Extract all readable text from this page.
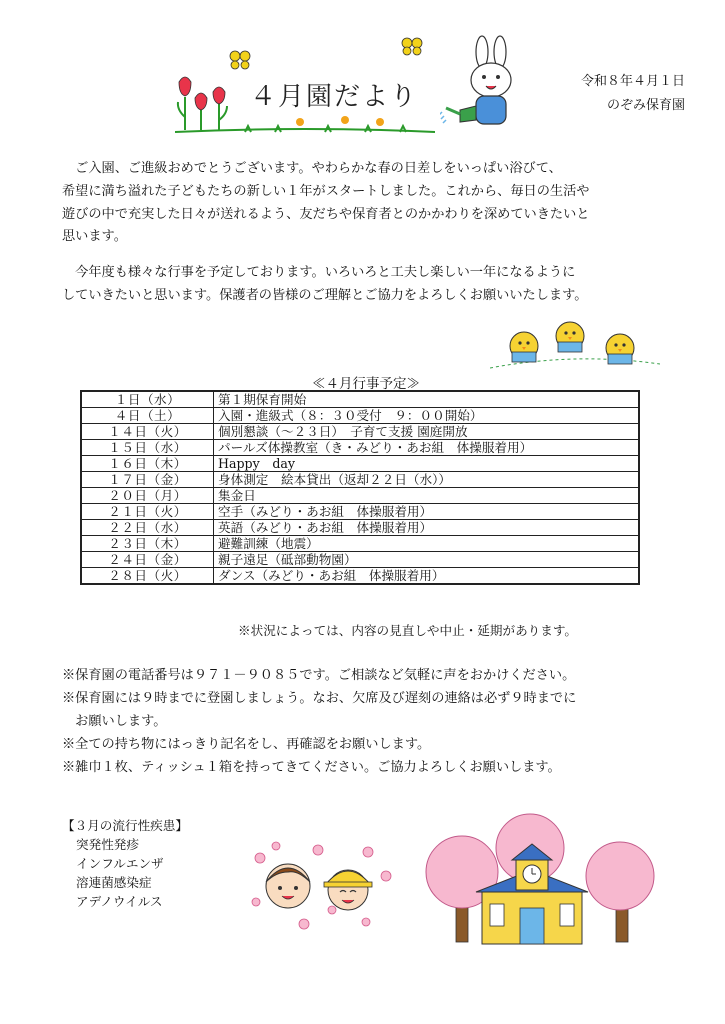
４月園だより
令和８年４月１日
のぞみ保育園

　ご入園、ご進級おめでとうございます。やわらかな春の日差しをいっぱい浴びて、

希望に満ち溢れた子どもたちの新しい１年がスタートしました。これから、毎日の生活や

遊びの中で充実した日々が送れるよう、友だちや保育者とのかかわりを深めていきたいと

思います。

　今年度も様々な行事を予定しております。いろいろと工夫し楽しい一年になるように

していきたいと思います。保護者の皆様のご理解とご協力をよろしくお願いいたします。

≪４月行事予定≫
１日（水）	第１期保育開始
４日（土）	入園・進級式（８：３０受付　９：００開始）
１４日（火）	個別懇談（～２３日）　子育て支援 園庭開放
１５日（水）	パールズ体操教室（き・みどり・あお組　体操服着用）
１６日（木）	Happy　day
１７日（金）	身体測定　絵本貸出（返却２２日（水））
２０日（月）	集金日
２１日（火）	空手（みどり・あお組　体操服着用）
２２日（水）	英語（みどり・あお組　体操服着用）
２３日（木）	避難訓練（地震）
２４日（金）	親子遠足（砥部動物園）
２８日（火）	ダンス（みどり・あお組　体操服着用）
※状況によっては、内容の見直しや中止・延期があります。
※保育園の電話番号は９７１－９０８５です。ご相談など気軽に声をおかけください。
※保育園には９時までに登園しましょう。なお、欠席及び遅刻の連絡は必ず９時までに
　お願いします。
※全ての持ち物にはっきり記名をし、再確認をお願いします。
※雑巾１枚、ティッシュ１箱を持ってきてください。ご協力よろしくお願いします。
【３月の流行性疾患】
突発性発疹
インフルエンザ
溶連菌感染症
アデノウイルス
